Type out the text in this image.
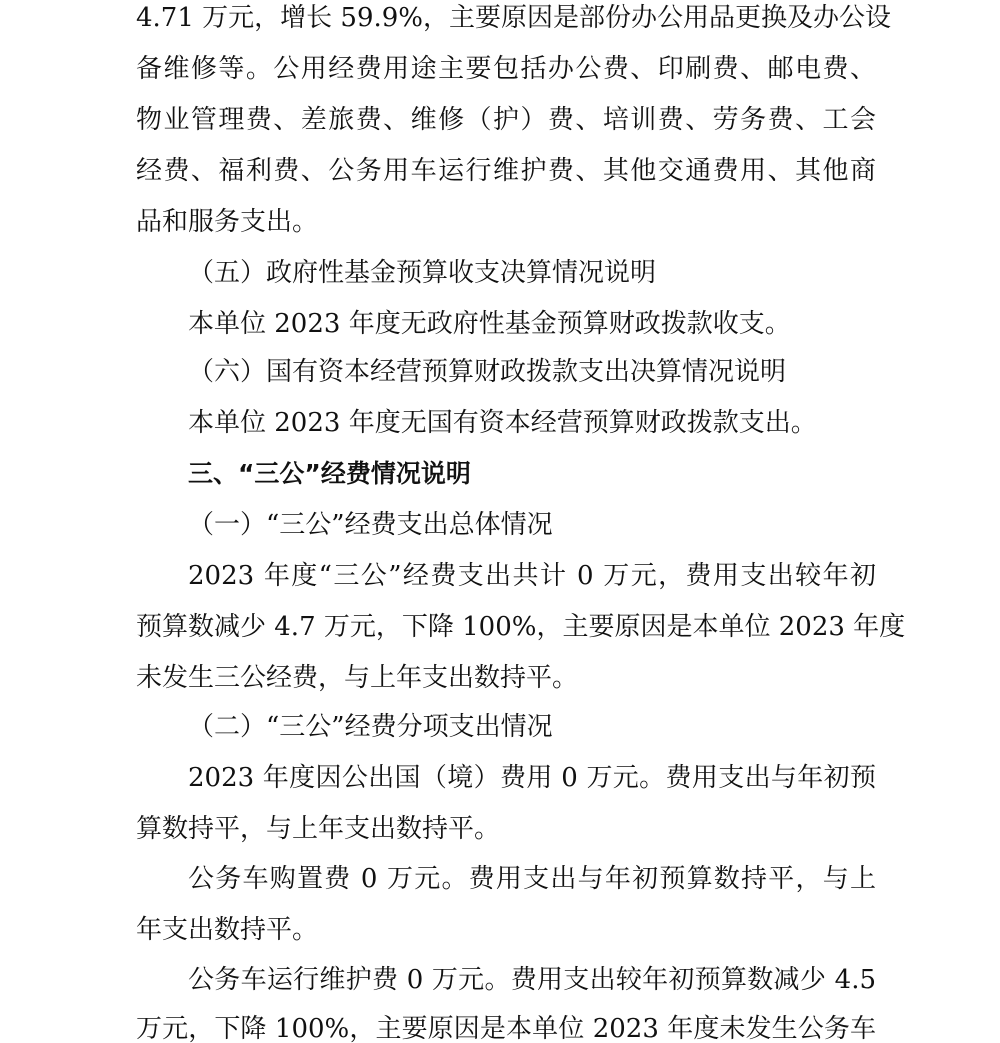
4.71 万元，增长 59.9%，主要原因是部份办公用品更换及办公设
备维修等。公用经费用途主要包括办公费、印刷费、邮电费、
物业管理费、差旅费、维修（护）费、培训费、劳务费、工会
经费、福利费、公务用车运行维护费、其他交通费用、其他商
品和服务支出。
（五）政府性基金预算收支决算情况说明
本单位 2023 年度无政府性基金预算财政拨款收支。
（六）国有资本经营预算财政拨款支出决算情况说明
本单位 2023 年度无国有资本经营预算财政拨款支出。
三、“三公”经费情况说明
（一）“三公”经费支出总体情况
2023 年度“三公”经费支出共计 0 万元，费用支出较年初
预算数减少 4.7 万元，下降 100%，主要原因是本单位 2023 年度
未发生三公经费，与上年支出数持平。
（二）“三公”经费分项支出情况
2023 年度因公出国（境）费用 0 万元。费用支出与年初预
算数持平，与上年支出数持平。
公务车购置费 0 万元。费用支出与年初预算数持平，与上
年支出数持平。
公务车运行维护费 0 万元。费用支出较年初预算数减少 4.5
万元，下降 100%，主要原因是本单位 2023 年度未发生公务车
